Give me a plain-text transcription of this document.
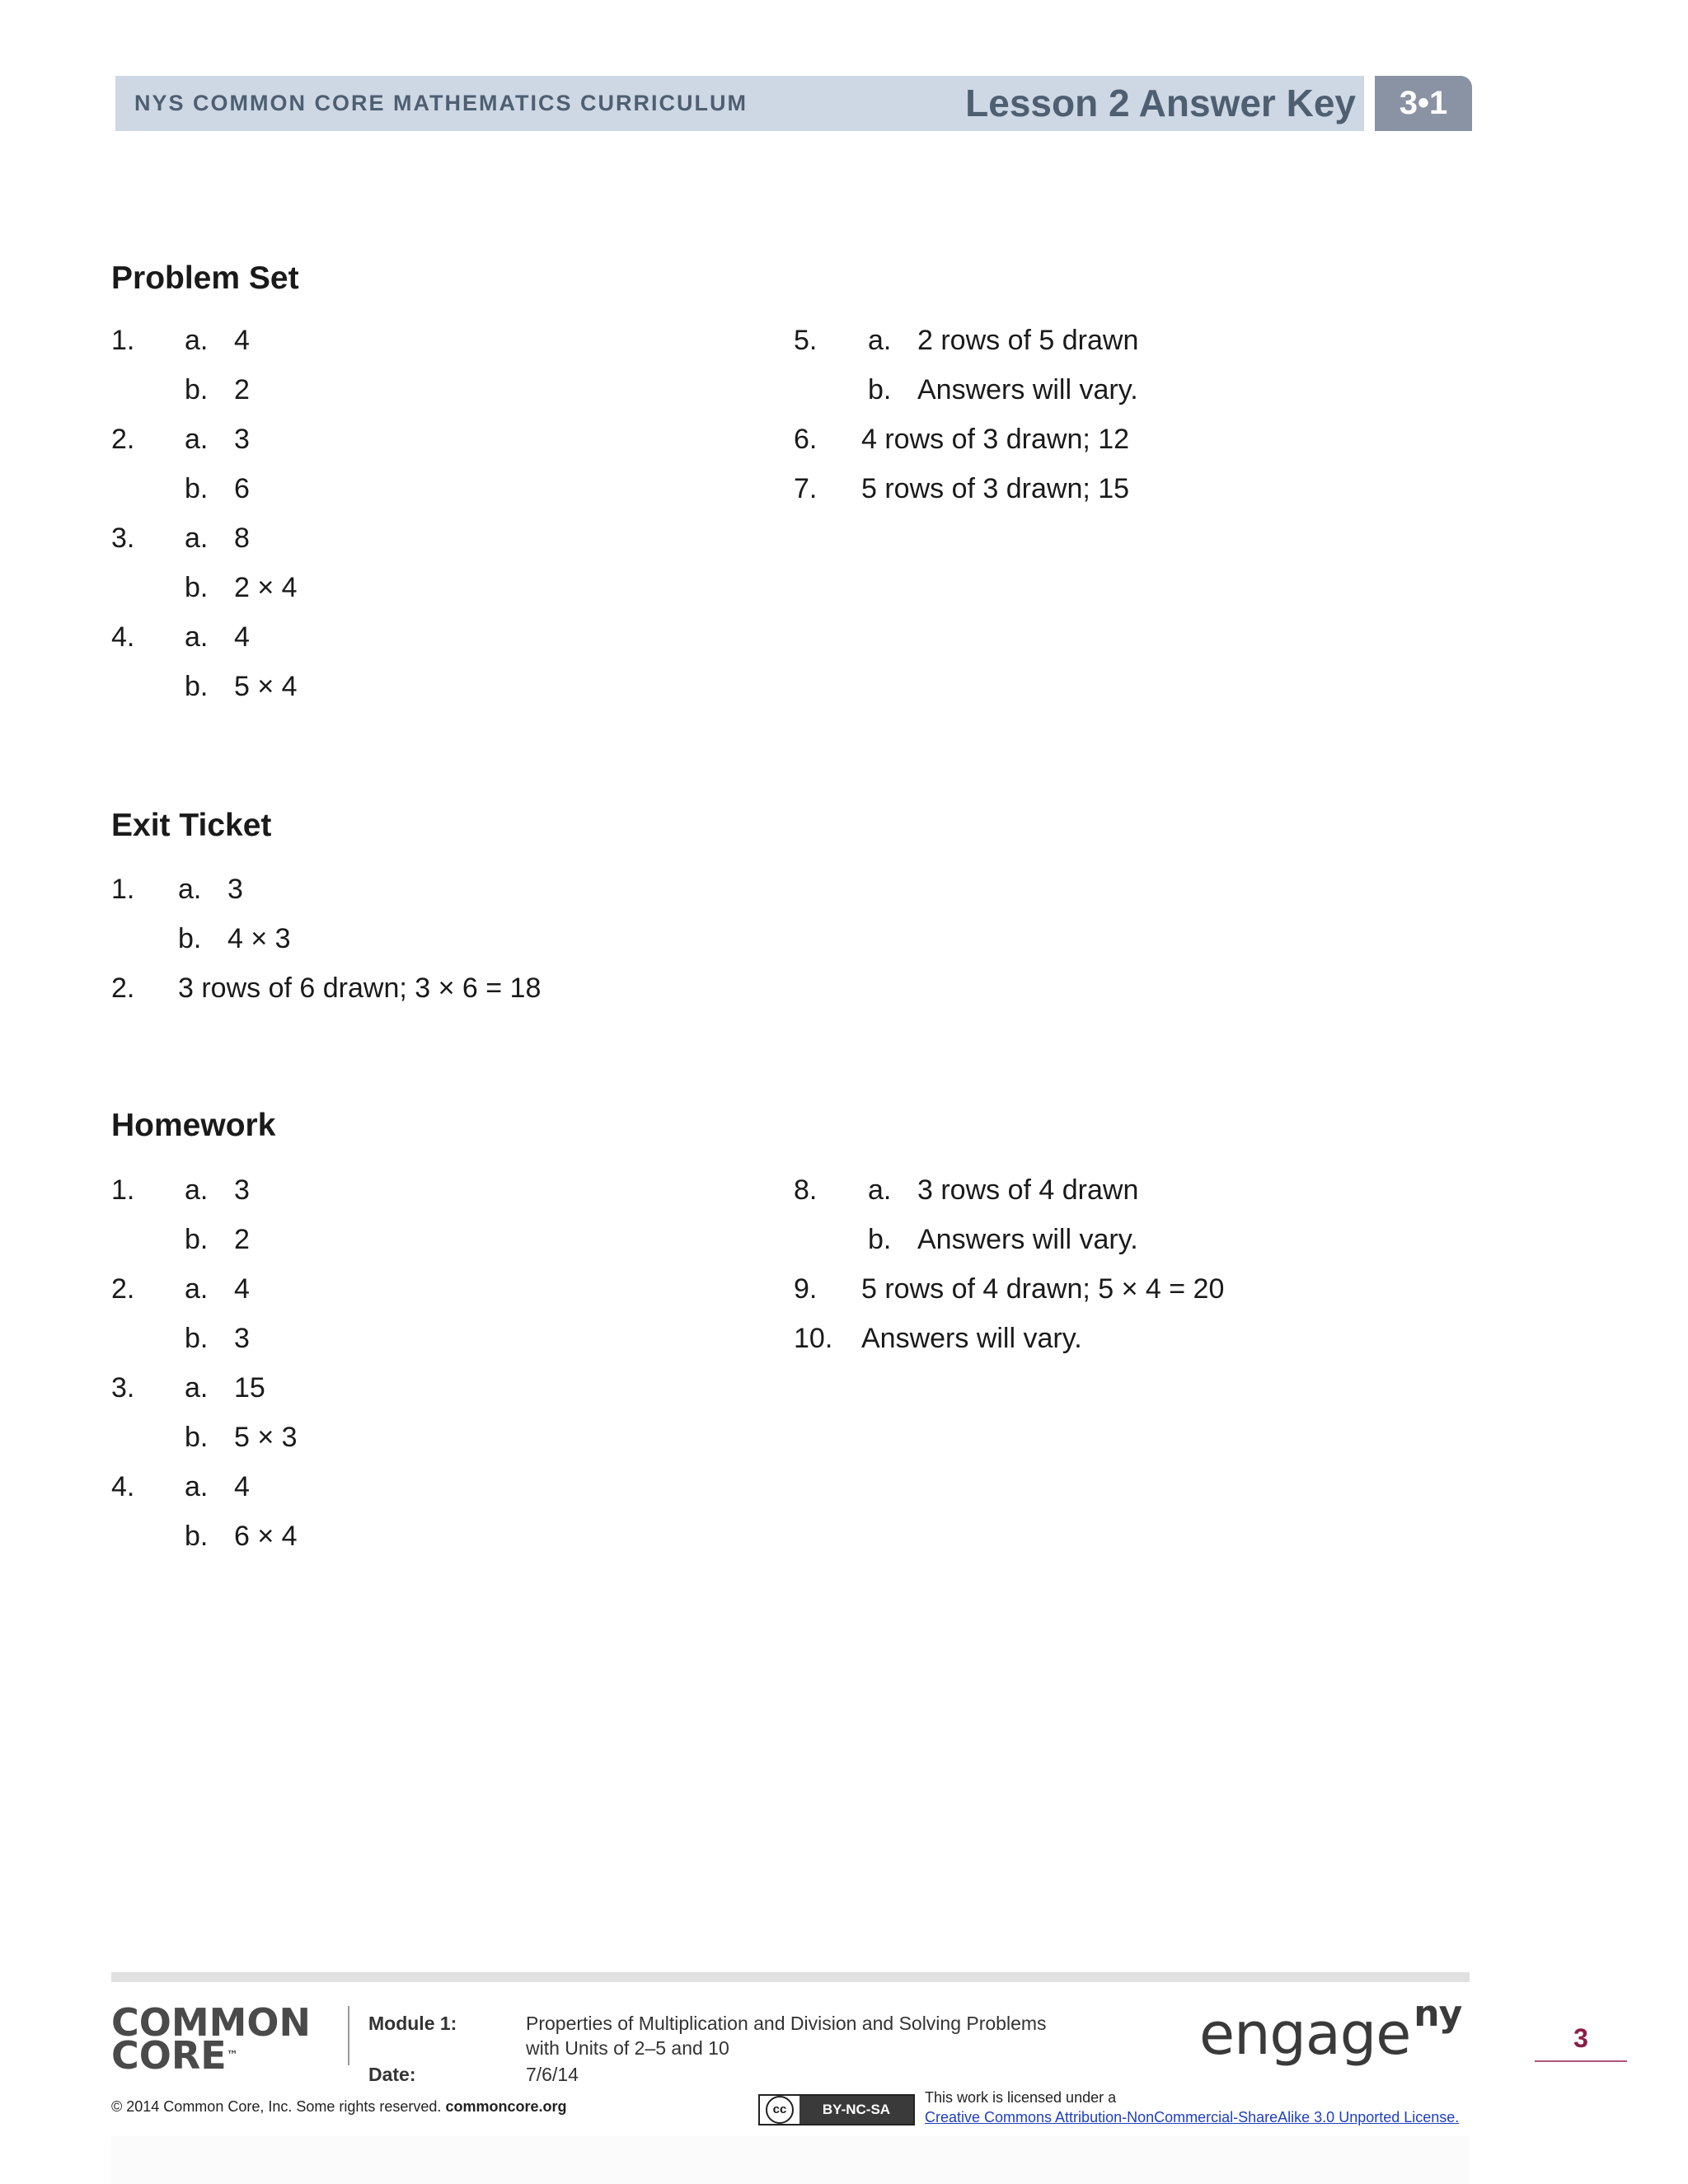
NYS COMMON CORE MATHEMATICS CURRICULUM	Lesson 2 Answer Key	3•1
Problem Set
Exit Ticket
Homework
1. a. 4
b. 2
2. a. 3
b. 6
3. a. 8
b. 2 × 4
4. a. 4
b. 5 × 4
5. a. 2 rows of 5 drawn
b. Answers will vary.
6. 4 rows of 3 drawn; 12
7. 5 rows of 3 drawn; 15
1. a. 3
b. 4 × 3
2. 3 rows of 6 drawn; 3 × 6 = 18
1. a. 3
b. 2
2. a. 4
b. 3
3. a. 15
b. 5 × 3
4. a. 4
b. 6 × 4
8. a. 3 rows of 4 drawn
b. Answers will vary.
9. 5 rows of 4 drawn; 5 × 4 = 20
10. Answers will vary.
COMMON
CORE™
Module 1:	Properties of Multiplication and Division and Solving Problems
with Units of 2–5 and 10
Date:	7/6/14
engage$^{ny}$
3
© 2014 Common Core, Inc. Some rights reserved. commoncore.org	cc	BY-NC-SA
This work is licensed under a
Creative Commons Attribution-NonCommercial-ShareAlike 3.0 Unported License.
